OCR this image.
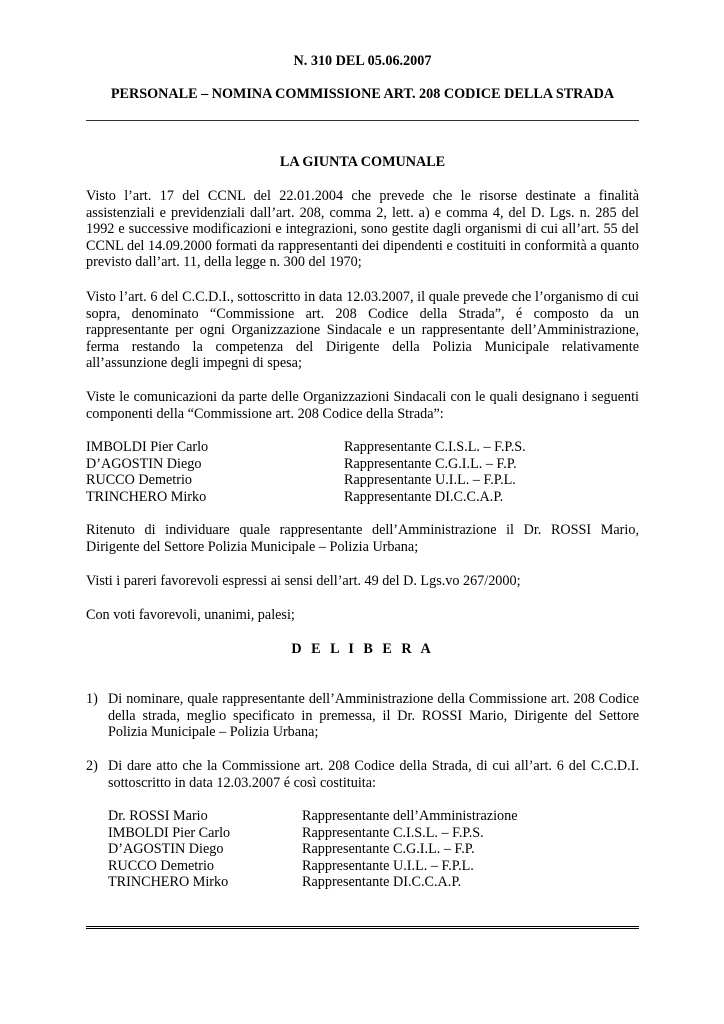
N. 310 DEL 05.06.2007
PERSONALE – NOMINA COMMISSIONE ART. 208 CODICE DELLA STRADA
LA GIUNTA COMUNALE

Visto l’art. 17 del CCNL del 22.01.2004 che prevede che le risorse destinate a finalità assistenziali e previdenziali dall’art. 208, comma 2, lett. a) e comma 4, del D. Lgs. n. 285 del 1992 e successive modificazioni e integrazioni, sono gestite dagli organismi di cui all’art. 55 del CCNL del 14.09.2000 formati da rappresentanti dei dipendenti e costituiti in conformità a quanto previsto dall’art. 11, della legge n. 300 del 1970;

Visto l’art. 6 del C.C.D.I., sottoscritto in data 12.03.2007, il quale prevede che l’organismo di cui sopra, denominato “Commissione art. 208 Codice della Strada”, é composto da un rappresentante per ogni Organizzazione Sindacale e un rappresentante dell’Amministrazione, ferma restando la competenza del Dirigente della Polizia Municipale relativamente all’assunzione degli impegni di spesa;

Viste le comunicazioni da parte delle Organizzazioni Sindacali con le quali designano i seguenti componenti della “Commissione art. 208 Codice della Strada”:

IMBOLDI Pier Carlo	Rappresentante C.I.S.L. – F.P.S.
D’AGOSTIN Diego	Rappresentante C.G.I.L. – F.P.
RUCCO Demetrio	Rappresentante U.I.L. – F.P.L.
TRINCHERO Mirko	Rappresentante DI.C.C.A.P.

Ritenuto di individuare quale rappresentante dell’Amministrazione il Dr. ROSSI Mario, Dirigente del Settore Polizia Municipale – Polizia Urbana;

Visti i pareri favorevoli espressi ai sensi dell’art. 49 del D. Lgs.vo 267/2000;

Con voti favorevoli, unanimi, palesi;

D E L I B E R A
1) Di nominare, quale rappresentante dell’Amministrazione della Commissione art. 208 Codice della strada, meglio specificato in premessa, il Dr. ROSSI Mario, Dirigente del Settore Polizia Municipale – Polizia Urbana;
2) Di dare atto che la Commissione art. 208 Codice della Strada, di cui all’art. 6 del C.C.D.I. sottoscritto in data 12.03.2007 é così costituita:
Dr. ROSSI Mario	Rappresentante dell’Amministrazione
IMBOLDI Pier Carlo	Rappresentante C.I.S.L. – F.P.S.
D’AGOSTIN Diego	Rappresentante C.G.I.L. – F.P.
RUCCO Demetrio	Rappresentante U.I.L. – F.P.L.
TRINCHERO Mirko	Rappresentante DI.C.C.A.P.
